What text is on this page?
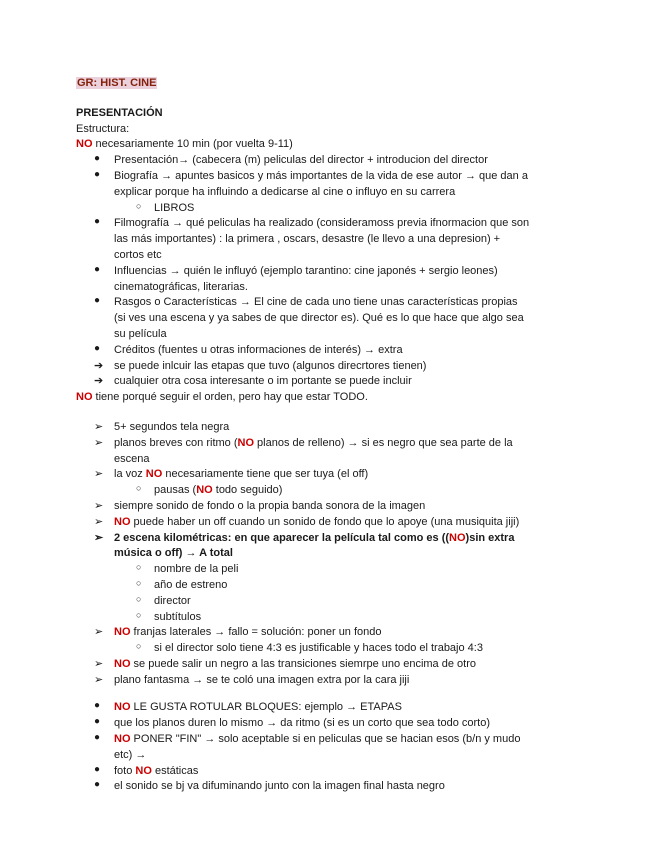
GR: HIST. CINE
PRESENTACIÓN
Estructura:
NO necesariamente 10 min (por vuelta 9-11)
●	Presentación→ (cabecera (m) peliculas del director + introducion del director
●	Biografía → apuntes basicos y más importantes de la vida de ese autor → que dan a
explicar porque ha influindo a dedicarse al cine o influyo en su carrera
○ LIBROS
●	Filmografía → qué peliculas ha realizado (consideramoss previa ifnormacion que son
las más importantes) : la primera , oscars, desastre (le llevo a una depresion) +
cortos etc
●	Influencias → quién le influyó (ejemplo tarantino: cine japonés + sergio leones)
cinematográficas, literarias.
●	Rasgos o Características → El cine de cada uno tiene unas características propias
(si ves una escena y ya sabes de que director es). Qué es lo que hace que algo sea
su película
●	Créditos (fuentes u otras informaciones de interés) → extra
➔ se puede inlcuir las etapas que tuvo (algunos direcrtores tienen)
➔ cualquier otra cosa interesante o im portante se puede incluir
NO tiene porqué seguir el orden, pero hay que estar TODO.
➢ 5+ segundos tela negra
➢ planos breves con ritmo (NO planos de relleno) → si es negro que sea parte de la
escena
➢ la voz NO necesariamente tiene que ser tuya (el off)
○ pausas (NO todo seguido)
➢ siempre sonido de fondo o la propia banda sonora de la imagen
➢ NO puede haber un off cuando un sonido de fondo que lo apoye (una musiquita jiji)
➢ 2 escena kilométricas: en que aparecer la película tal como es ((NO)sin extra
música o off) → A total
○ nombre de la peli
○ año de estreno
○ director
○ subtítulos
➢ NO franjas laterales → fallo = solución: poner un fondo
○ si el director solo tiene 4:3 es justificable y haces todo el trabajo 4:3
➢ NO se puede salir un negro a las transiciones siemrpe uno encima de otro
➢ plano fantasma → se te coló una imagen extra por la cara jiji
●	NO LE GUSTA ROTULAR BLOQUES: ejemplo → ETAPAS
●	que los planos duren lo mismo → da ritmo (si es un corto que sea todo corto)
●	NO PONER "FIN" → solo aceptable si en peliculas que se hacian esos (b/n y mudo
etc) →
●	foto NO estáticas
●	el sonido se bj va difuminando junto con la imagen final hasta negro
